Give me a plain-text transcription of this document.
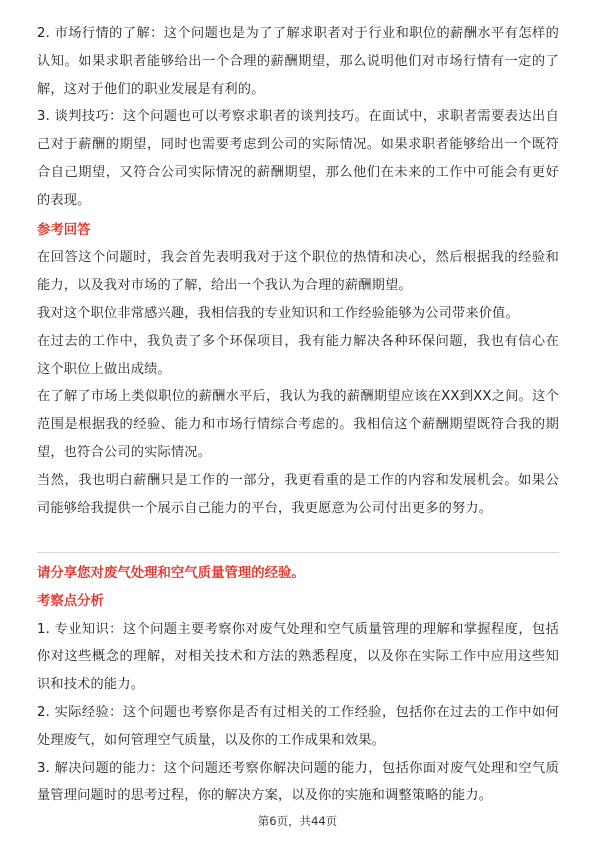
2. 市场行情的了解：这个问题也是为了了解求职者对于行业和职位的薪酬水平有怎样的认知。如果求职者能够给出一个合理的薪酬期望，那么说明他们对市场行情有一定的了解，这对于他们的职业发展是有利的。

3. 谈判技巧：这个问题也可以考察求职者的谈判技巧。在面试中，求职者需要表达出自己对于薪酬的期望，同时也需要考虑到公司的实际情况。如果求职者能够给出一个既符合自己期望，又符合公司实际情况的薪酬期望，那么他们在未来的工作中可能会有更好的表现。

参考回答

在回答这个问题时，我会首先表明我对于这个职位的热情和决心，然后根据我的经验和能力，以及我对市场的了解，给出一个我认为合理的薪酬期望。

我对这个职位非常感兴趣，我相信我的专业知识和工作经验能够为公司带来价值。

在过去的工作中，我负责了多个环保项目，我有能力解决各种环保问题，我也有信心在这个职位上做出成绩。

在了解了市场上类似职位的薪酬水平后，我认为我的薪酬期望应该在XX到XX之间。这个范围是根据我的经验、能力和市场行情综合考虑的。我相信这个薪酬期望既符合我的期望，也符合公司的实际情况。

当然，我也明白薪酬只是工作的一部分，我更看重的是工作的内容和发展机会。如果公司能够给我提供一个展示自己能力的平台，我更愿意为公司付出更多的努力。

请分享您对废气处理和空气质量管理的经验。

考察点分析

1. 专业知识：这个问题主要考察你对废气处理和空气质量管理的理解和掌握程度，包括你对这些概念的理解，对相关技术和方法的熟悉程度，以及你在实际工作中应用这些知识和技术的能力。

2. 实际经验：这个问题也考察你是否有过相关的工作经验，包括你在过去的工作中如何处理废气，如何管理空气质量，以及你的工作成果和效果。

3. 解决问题的能力：这个问题还考察你解决问题的能力，包括你面对废气处理和空气质量管理问题时的思考过程，你的解决方案，以及你的实施和调整策略的能力。

第6页，共44页
